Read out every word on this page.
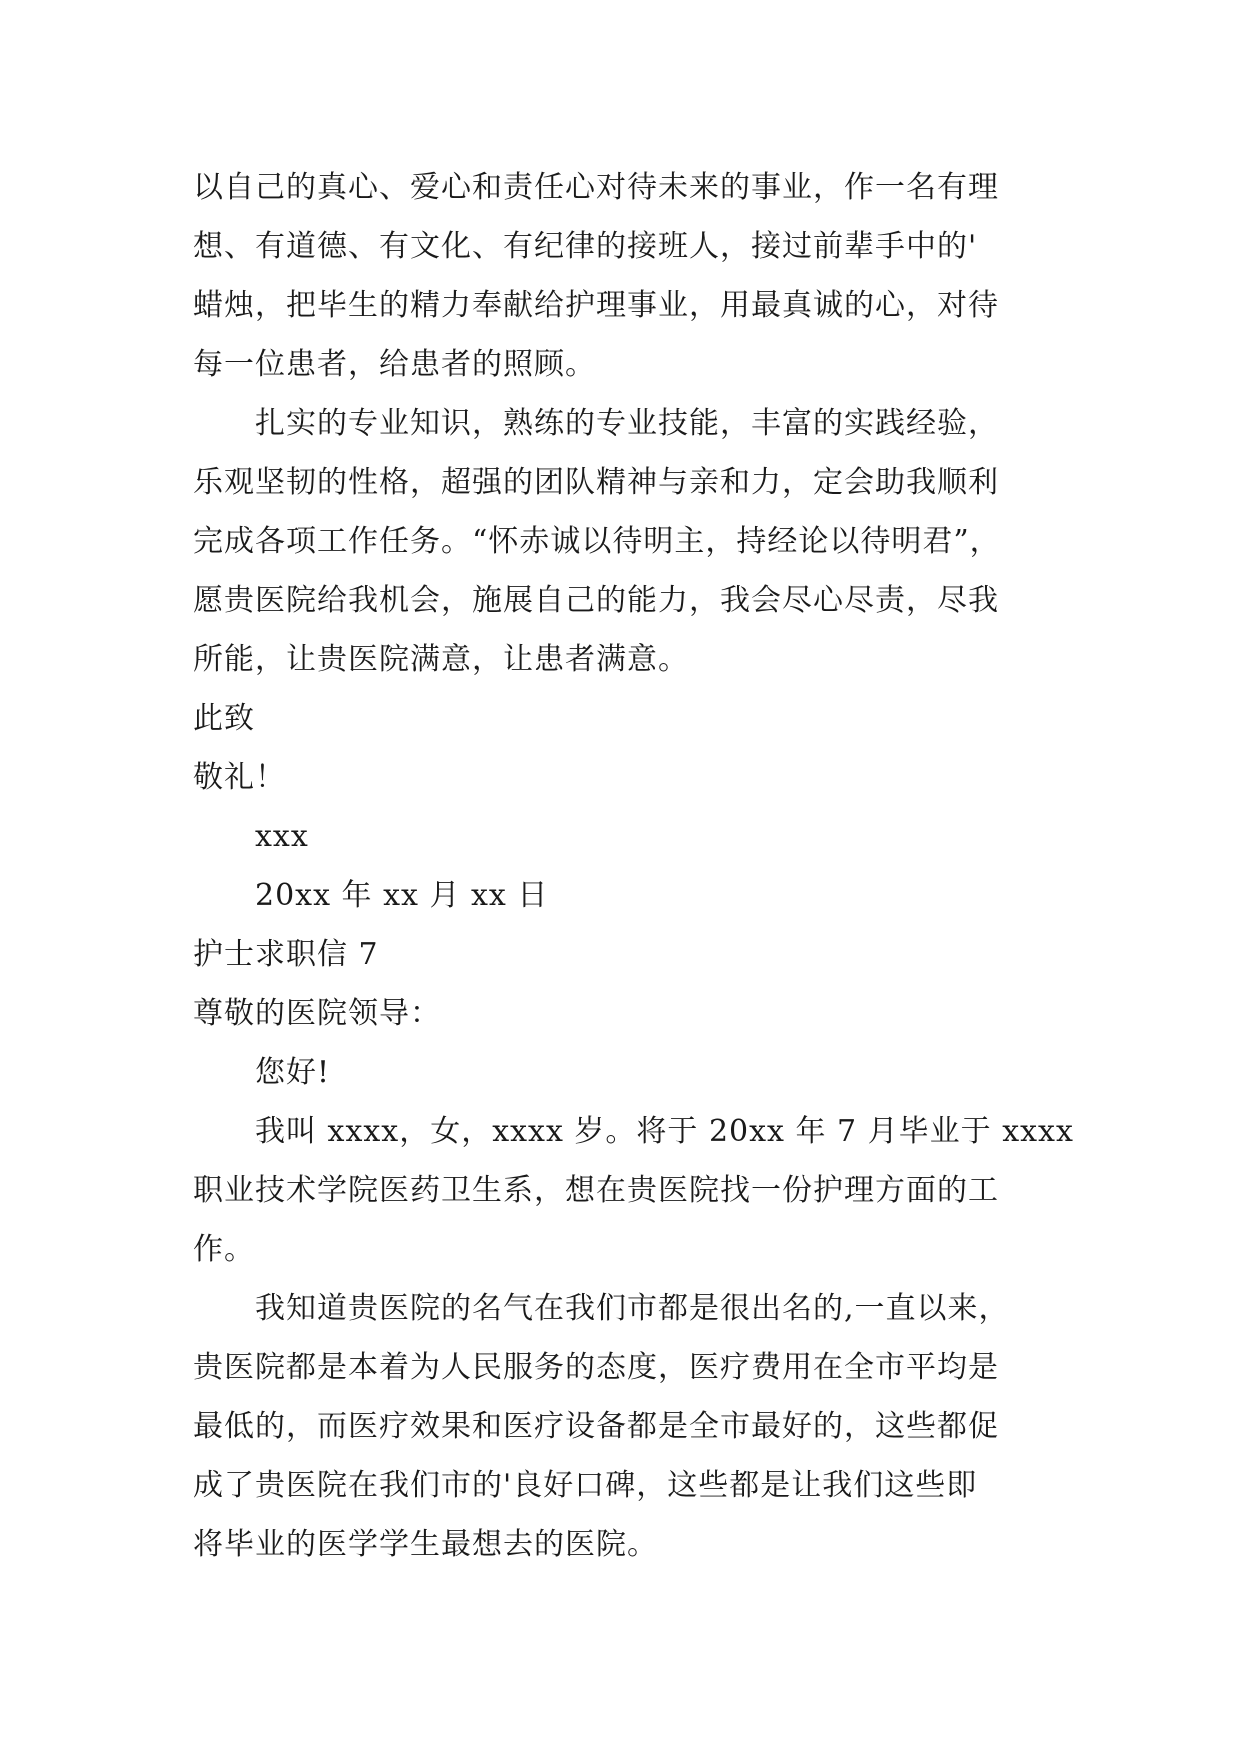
以自己的真心、爱心和责任心对待未来的事业，作一名有理
想、有道德、有文化、有纪律的接班人，接过前辈手中的'
蜡烛，把毕生的精力奉献给护理事业，用最真诚的心，对待
每一位患者，给患者的照顾。
扎实的专业知识，熟练的专业技能，丰富的实践经验，
乐观坚韧的性格，超强的团队精神与亲和力，定会助我顺利
完成各项工作任务。“怀赤诚以待明主，持经论以待明君”，
愿贵医院给我机会，施展自己的能力，我会尽心尽责，尽我
所能，让贵医院满意，让患者满意。
此致
敬礼！
xxx
20xx 年 xx 月 xx 日
护士求职信 7
尊敬的医院领导：
您好!
我叫 xxxx，女，xxxx 岁。将于 20xx 年 7 月毕业于 xxxx
职业技术学院医药卫生系，想在贵医院找一份护理方面的工
作。
我知道贵医院的名气在我们市都是很出名的,一直以来，
贵医院都是本着为人民服务的态度，医疗费用在全市平均是
最低的，而医疗效果和医疗设备都是全市最好的，这些都促
成了贵医院在我们市的'良好口碑，这些都是让我们这些即
将毕业的医学学生最想去的医院。
